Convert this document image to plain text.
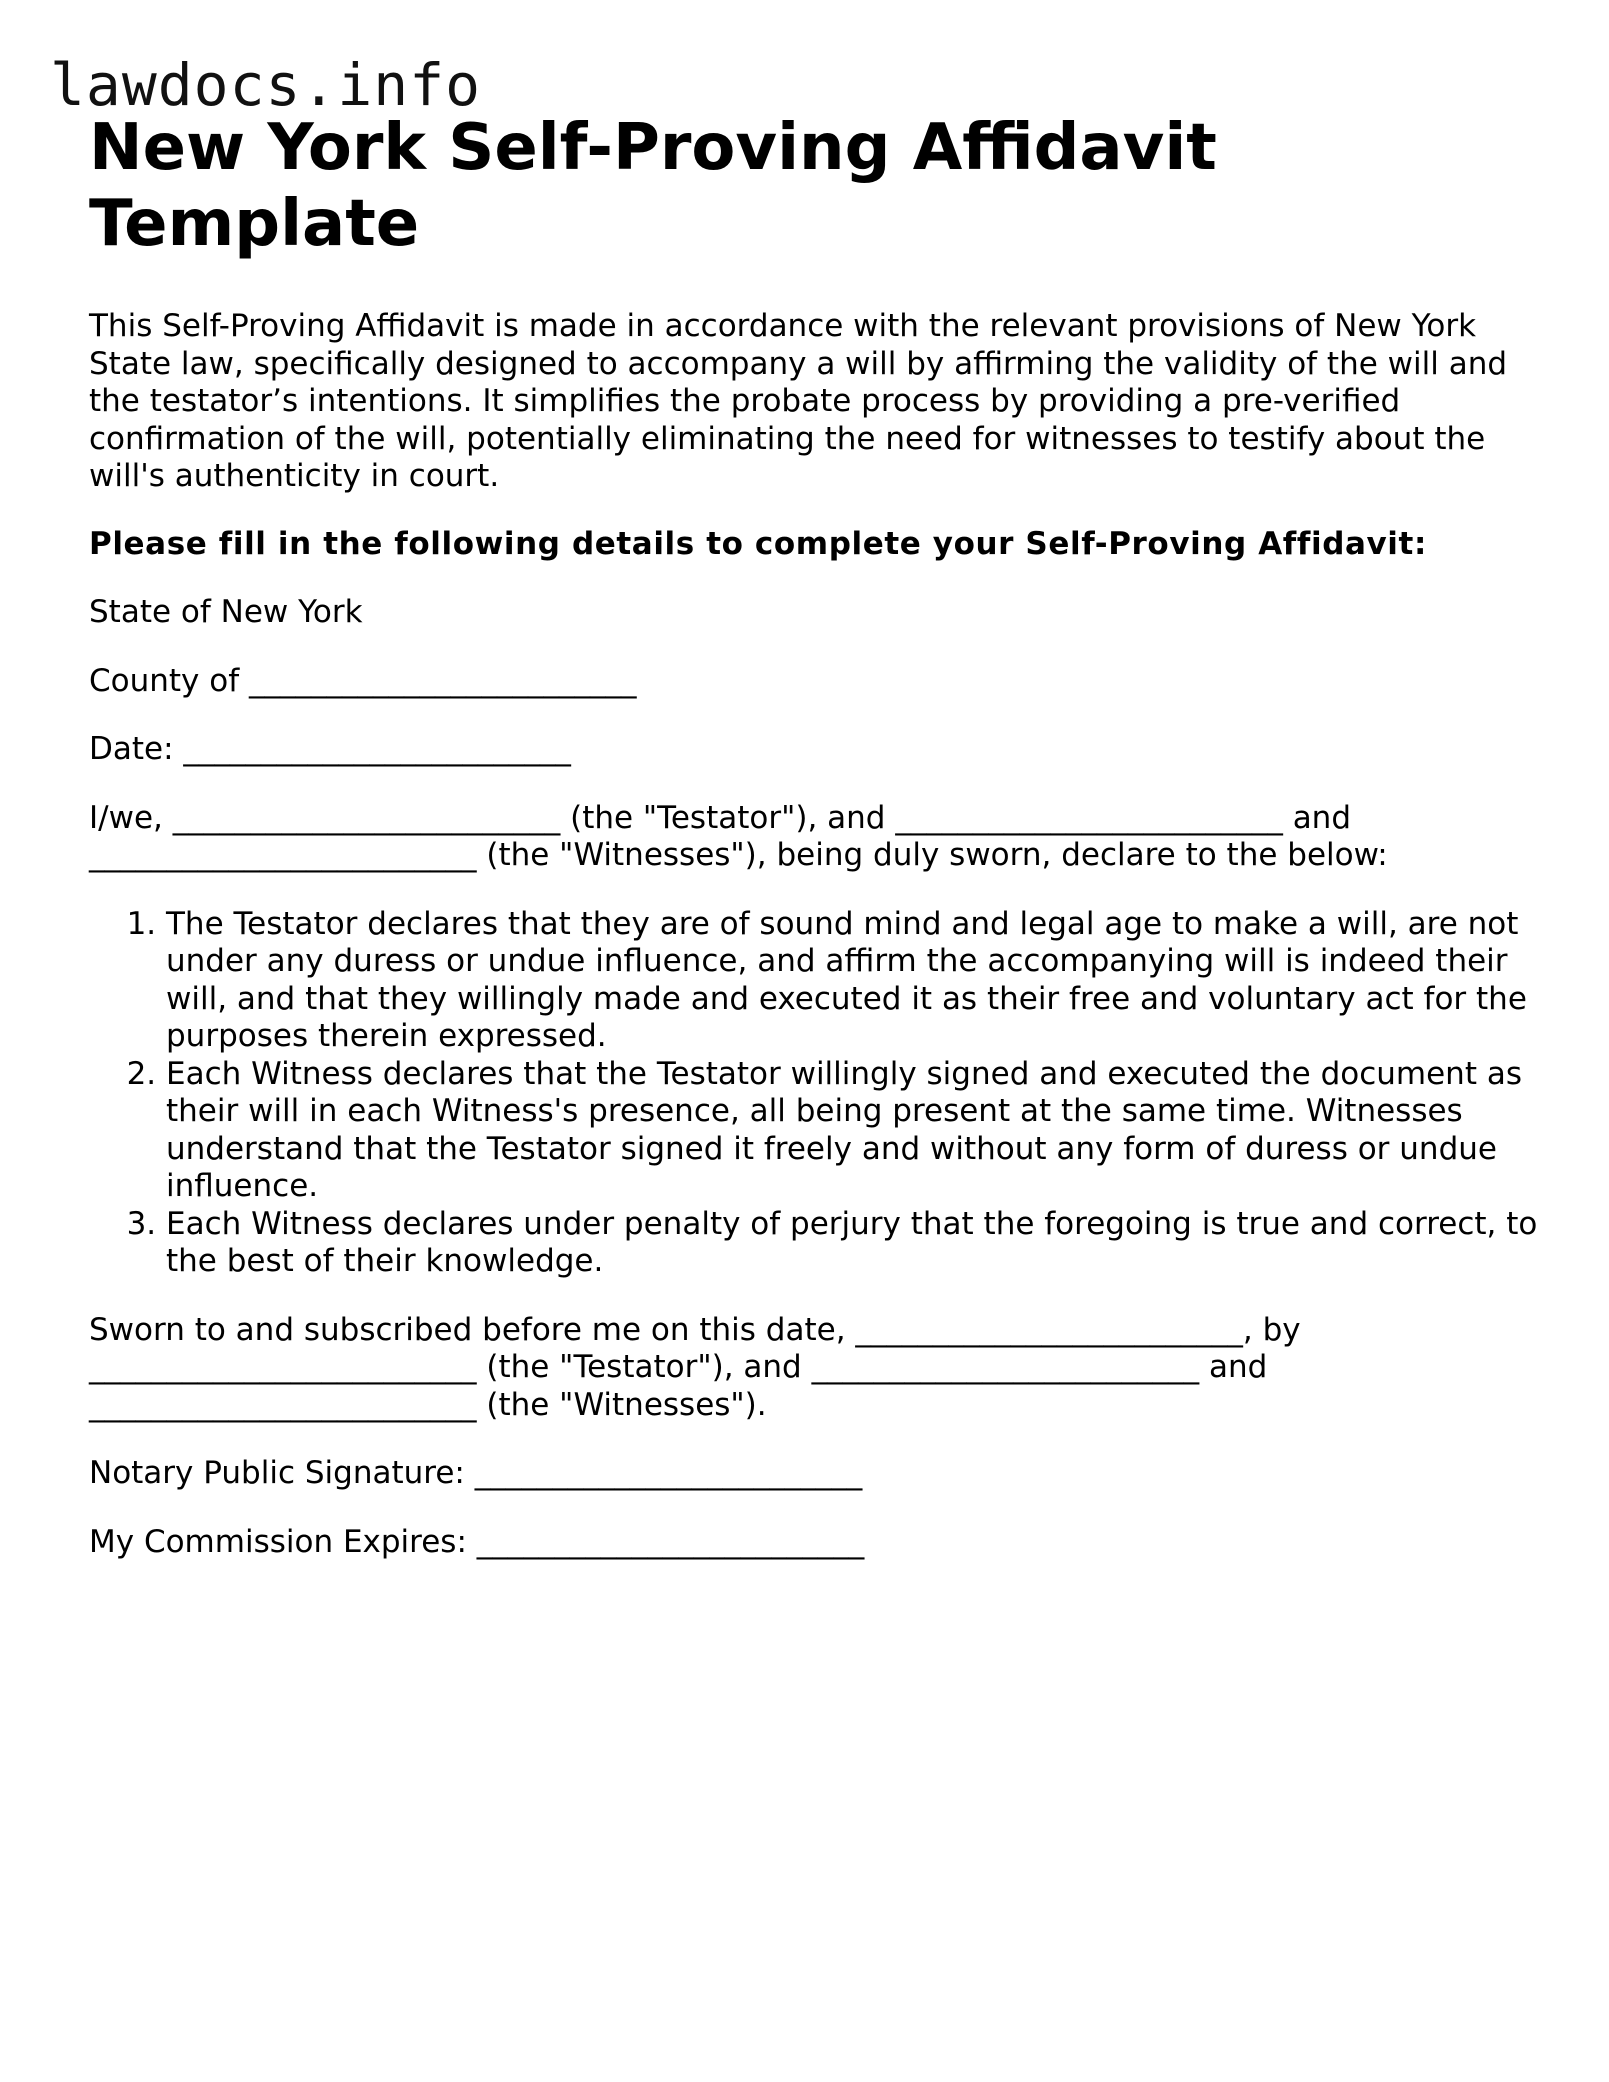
lawdocs.info
New York Self-Proving Affidavit Template

This Self-Proving Affidavit is made in accordance with the relevant provisions of New York State law, specifically designed to accompany a will by affirming the validity of the will and the testator’s intentions. It simplifies the probate process by providing a pre-verified confirmation of the will, potentially eliminating the need for witnesses to testify about the will's authenticity in court.

Please fill in the following details to complete your Self-Proving Affidavit:

State of New York

County of _________________________

Date: _________________________

I/we, _________________________ (the "Testator"), and _________________________ and _________________________ (the "Witnesses"), being duly sworn, declare to the below:

1. The Testator declares that they are of sound mind and legal age to make a will, are not under any duress or undue influence, and affirm the accompanying will is indeed their will, and that they willingly made and executed it as their free and voluntary act for the purposes therein expressed.
2. Each Witness declares that the Testator willingly signed and executed the document as their will in each Witness's presence, all being present at the same time. Witnesses understand that the Testator signed it freely and without any form of duress or undue influence.
3. Each Witness declares under penalty of perjury that the foregoing is true and correct, to the best of their knowledge.

Sworn to and subscribed before me on this date, _________________________, by _________________________ (the "Testator"), and _________________________ and _________________________ (the "Witnesses").

Notary Public Signature: _________________________

My Commission Expires: _________________________
